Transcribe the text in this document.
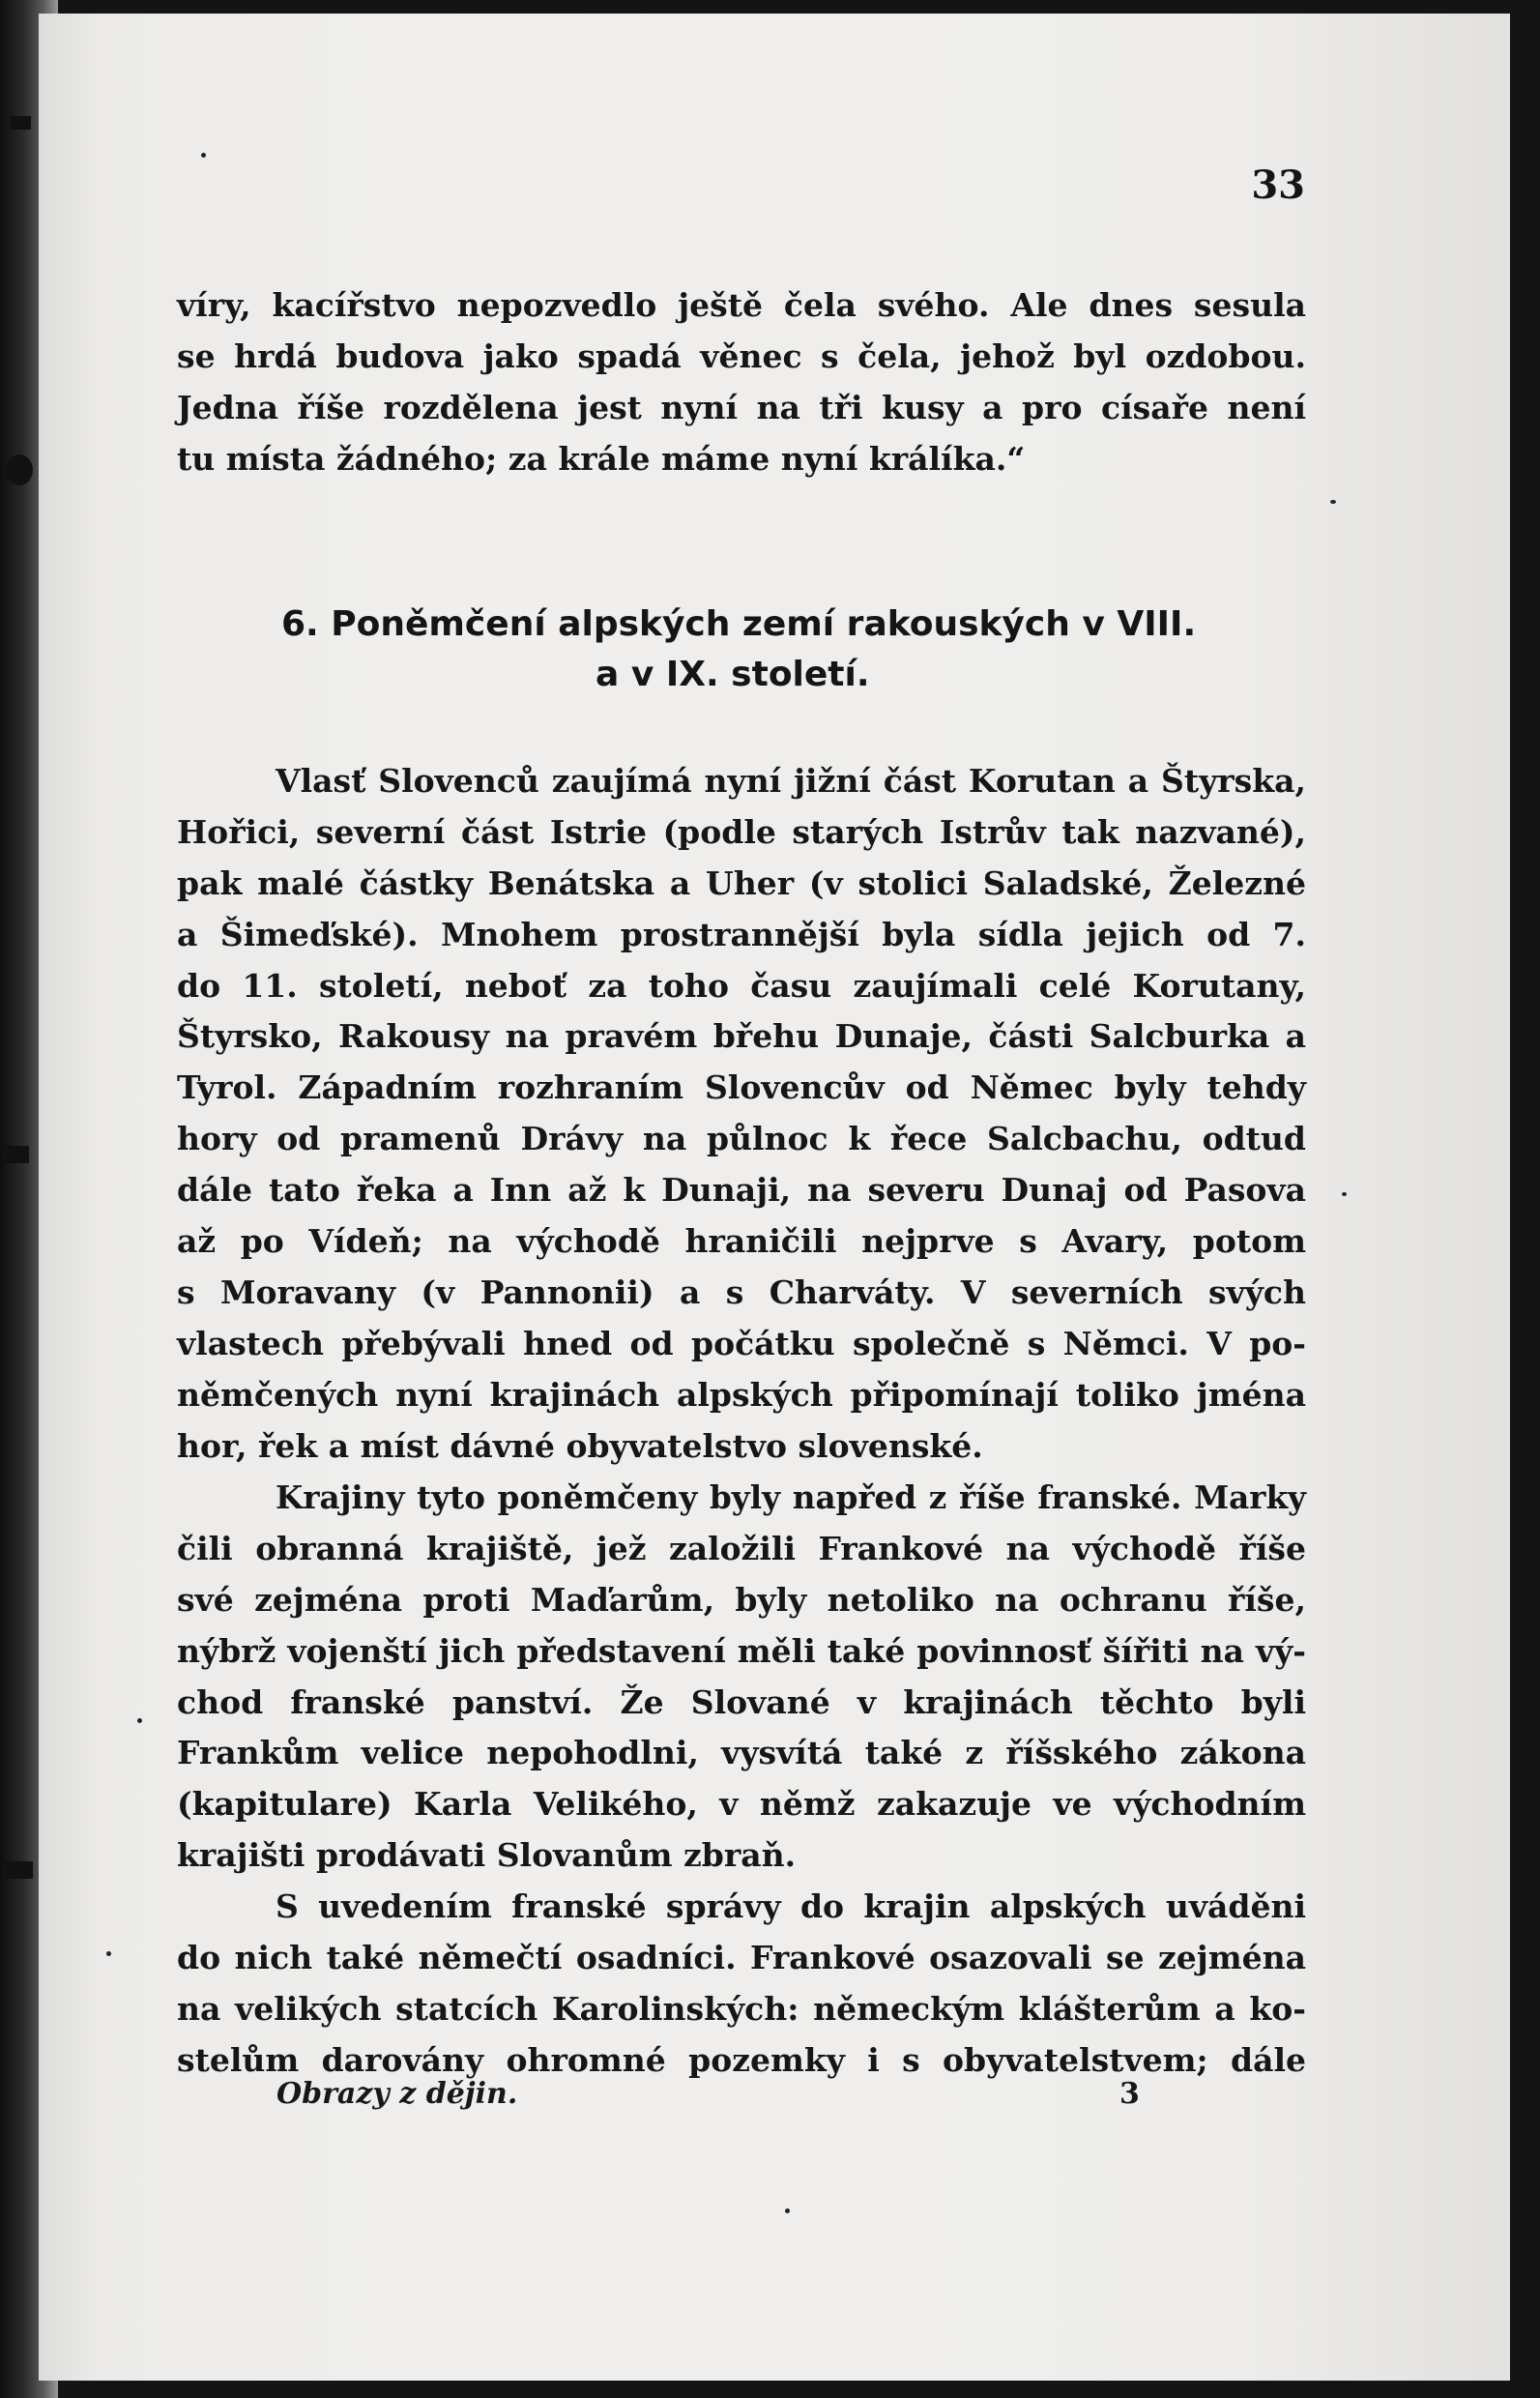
33
víry, kacířstvo nepozvedlo ještě čela svého. Ale dnes sesula
se hrdá budova jako spadá věnec s čela, jehož byl ozdobou.
Jedna říše rozdělena jest nyní na tři kusy a pro císaře není
tu místa žádného; za krále máme nyní králíka.“
6. Poněmčení alpských zemí rakouských v VIII.
a v IX. století.
Vlasť Slovenců zaujímá nyní jižní část Korutan a Štyrska,
Hořici, severní část Istrie (podle starých Istrův tak nazvané),
pak malé částky Benátska a Uher (v stolici Saladské, Železné
a Šimeďské). Mnohem prostrannější byla sídla jejich od 7.
do 11. století, neboť za toho času zaujímali celé Korutany,
Štyrsko, Rakousy na pravém břehu Dunaje, části Salcburka a
Tyrol. Západním rozhraním Slovencův od Němec byly tehdy
hory od pramenů Drávy na půlnoc k řece Salcbachu, odtud
dále tato řeka a Inn až k Dunaji, na severu Dunaj od Pasova
až po Vídeň; na východě hraničili nejprve s Avary, potom
s Moravany (v Pannonii) a s Charváty. V severních svých
vlastech přebývali hned od počátku společně s Němci. V po-
němčených nyní krajinách alpských připomínají toliko jména
hor, řek a míst dávné obyvatelstvo slovenské.
Krajiny tyto poněmčeny byly napřed z říše franské. Marky
čili obranná krajiště, jež založili Frankové na východě říše
své zejména proti Maďarům, byly netoliko na ochranu říše,
nýbrž vojenští jich představení měli také povinnosť šířiti na vý-
chod franské panství. Že Slované v krajinách těchto byli
Frankům velice nepohodlni, vysvítá také z říšského zákona
(kapitulare) Karla Velikého, v němž zakazuje ve východním
krajišti prodávati Slovanům zbraň.
S uvedením franské správy do krajin alpských uváděni
do nich také němečtí osadníci. Frankové osazovali se zejména
na velikých statcích Karolinských: německým klášterům a ko-
stelům darovány ohromné pozemky i s obyvatelstvem; dále
Obrazy z dějin.	3
